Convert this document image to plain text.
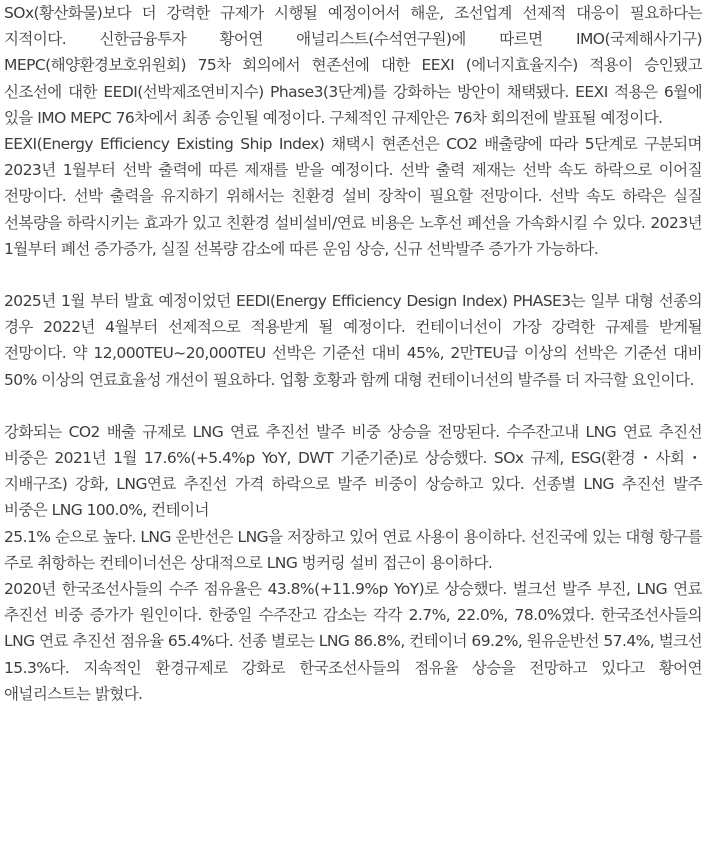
SOx(황산화물)보다 더 강력한 규제가 시행될 예정이어서 해운, 조선업계 선제적 대응이 필요하다는 지적이다. 신한금융투자 황어연 애널리스트(수석연구원)에 따르면 IMO(국제해사기구) MEPC(해양환경보호위원회) 75차 회의에서 현존선에 대한 EEXI (에너지효율지수) 적용이 승인됐고 신조선에 대한 EEDI(선박제조연비지수) Phase3(3단계)를 강화하는 방안이 채택됐다. EEXI 적용은 6월에 있을 IMO MEPC 76차에서 최종 승인될 예정이다. 구체적인 규제안은 76차 회의전에 발표될 예정이다.

EEXI(Energy Efficiency Existing Ship Index) 채택시 현존선은 CO2 배출량에 따라 5단계로 구분되며 2023년 1월부터 선박 출력에 따른 제재를 받을 예정이다. 선박 출력 제재는 선박 속도 하락으로 이어질 전망이다. 선박 출력을 유지하기 위해서는 친환경 설비 장착이 필요할 전망이다. 선박 속도 하락은 실질 선복량을 하락시키는 효과가 있고 친환경 설비설비/연료 비용은 노후선 폐선을 가속화시킬 수 있다. 2023년 1월부터 폐선 증가증가, 실질 선복량 감소에 따른 운임 상승, 신규 선박발주 증가가 가능하다.

2025년 1월 부터 발효 예정이었던 EEDI(Energy Efficiency Design Index) PHASE3는 일부 대형 선종의 경우 2022년 4월부터 선제적으로 적용받게 될 예정이다. 컨테이너선이 가장 강력한 규제를 받게될 전망이다. 약 12,000TEU~20,000TEU 선박은 기준선 대비 45%, 2만TEU급 이상의 선박은 기준선 대비 50% 이상의 연료효율성 개선이 필요하다. 업황 호황과 함께 대형 컨테이너선의 발주를 더 자극할 요인이다.

강화되는 CO2 배출 규제로 LNG 연료 추진선 발주 비중 상승을 전망된다. 수주잔고내 LNG 연료 추진선 비중은 2021년 1월 17.6%(+5.4%p YoY, DWT 기준기준)로 상승했다. SOx 규제, ESG(환경・사회・지배구조) 강화, LNG연료 추진선 가격 하락으로 발주 비중이 상승하고 있다. 선종별 LNG 추진선 발주 비중은 LNG 100.0%, 컨테이너

25.1% 순으로 높다. LNG 운반선은 LNG을 저장하고 있어 연료 사용이 용이하다. 선진국에 있는 대형 항구를 주로 취항하는 컨테이너선은 상대적으로 LNG 벙커링 설비 접근이 용이하다.

2020년 한국조선사들의 수주 점유율은 43.8%(+11.9%p YoY)로 상승했다. 벌크선 발주 부진, LNG 연료 추진선 비중 증가가 원인이다. 한중일 수주잔고 감소는 각각 2.7%, 22.0%, 78.0%였다. 한국조선사들의 LNG 연료 추진선 점유율 65.4%다. 선종 별로는 LNG 86.8%, 컨테이너 69.2%, 원유운반선 57.4%, 벌크선 15.3%다. 지속적인 환경규제로 강화로 한국조선사들의 점유율 상승을 전망하고 있다고 황어연 애널리스트는 밝혔다.
